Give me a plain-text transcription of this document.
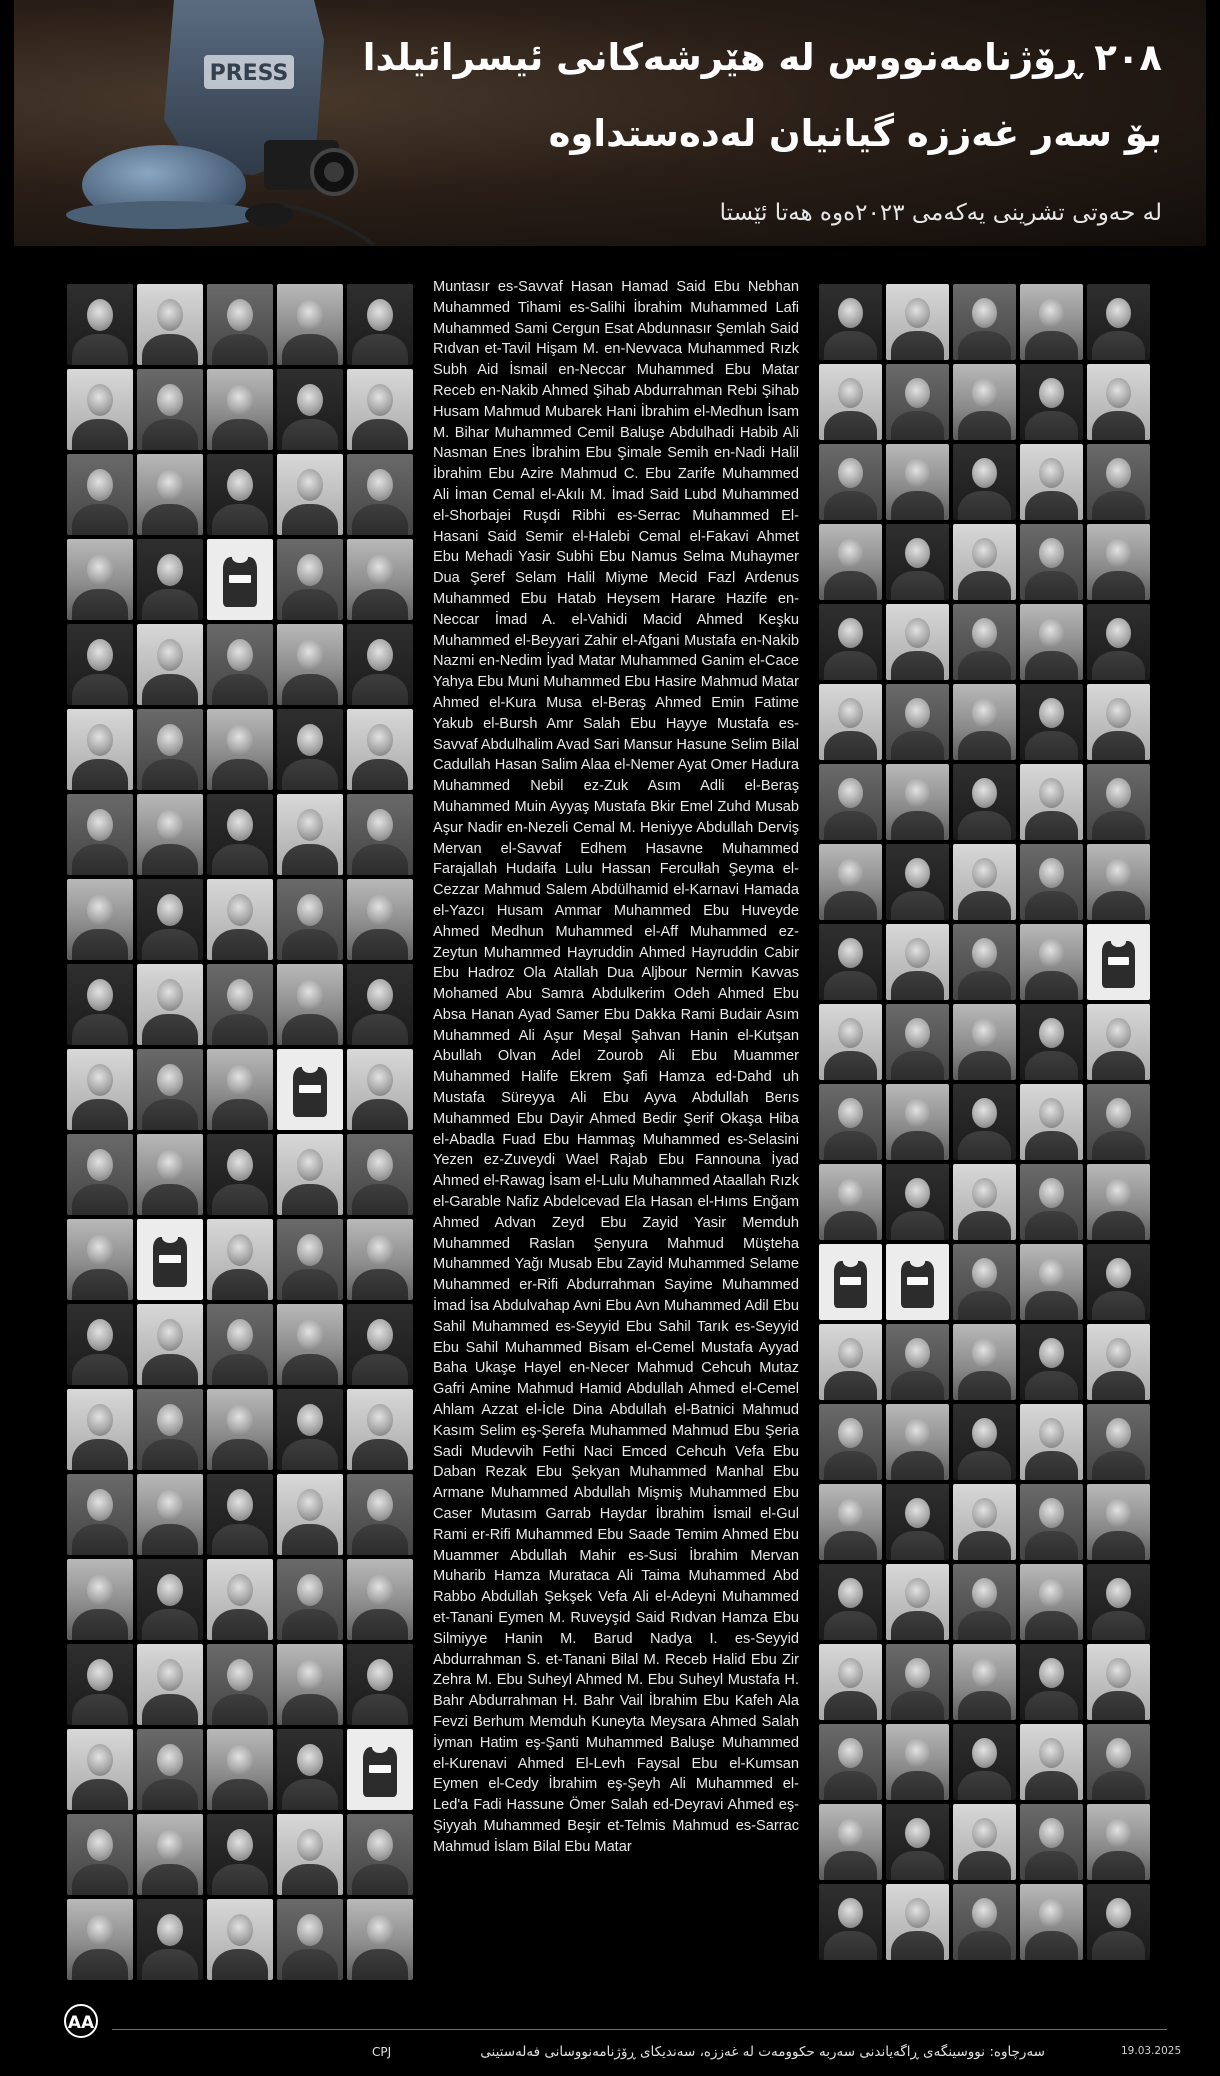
PRESS ٢٠٨ ڕۆژنامەنووس لە هێرشەکانی ئیسرائیلدا
بۆ سەر غەززە گیانیان لەدەستداوە
لە حەوتی تشرینی یەکەمی ٢٠٢٣ەوە هەتا ئێستا
Muntasır es-Savvaf Hasan Hamad Said Ebu Nebhan Muhammed Tihami es-Salihi İbrahim Muhammed Lafi Muhammed Sami Cergun Esat Abdunnasır Şemlah Said Rıdvan et-Tavil Hişam M. en-Nevvaca Muhammed Rızk Subh Aid İsmail en-Neccar Muhammed Ebu Matar Receb en-Nakib Ahmed Şihab Abdurrahman Rebi Şihab Husam Mahmud Mubarek Hani İbrahim el-Medhun İsam M. Bihar Muhammed Cemil Baluşe Abdulhadi Habib Ali Nasman Enes İbrahim Ebu Şimale Semih en-Nadi Halil İbrahim Ebu Azire Mahmud C. Ebu Zarife Muhammed Ali İman Cemal el-Akılı M. İmad Said Lubd Muhammed el-Shorbajei Ruşdi Ribhi es-Serrac Muhammed El-Hasani Said Semir el-Halebi Cemal el-Fakavi Ahmet Ebu Mehadi Yasir Subhi Ebu Namus Selma Muhaymer Dua Şeref Selam Halil Miyme Mecid Fazl Ardenus Muhammed Ebu Hatab Heysem Harare Hazife en-Neccar İmad A. el-Vahidi Macid Ahmed Keşku Muhammed el-Beyyari Zahir el-Afgani Mustafa en-Nakib Nazmi en-Nedim İyad Matar Muhammed Ganim el-Cace Yahya Ebu Muni Muhammed Ebu Hasire Mahmud Matar Ahmed el-Kura Musa el-Beraş Ahmed Emin Fatime Yakub el-Bursh Amr Salah Ebu Hayye Mustafa es-Savvaf Abdulhalim Avad Sari Mansur Hasune Selim Bilal Cadullah Hasan Salim Alaa el-Nemer Ayat Omer Hadura Muhammed Nebil ez-Zuk Asım Adli el-Beraş Muhammed Muin Ayyaş Mustafa Bkir Emel Zuhd Musab Aşur Nadir en-Nezeli Cemal M. Heniyye Abdullah Derviş Mervan el-Savvaf Edhem Hasavne Muhammed Farajallah Hudaifa Lulu Hassan Ferculłah Şeyma el-Cezzar Mahmud Salem Abdülhamid el-Karnavi Hamada el-Yazcı Husam Ammar Muhammed Ebu Huveyde Ahmed Medhun Muhammed el-Aff Muhammed ez-Zeytun Muhammed Hayruddin Ahmed Hayruddin Cabir Ebu Hadroz Ola Atallah Dua Aljbour Nermin Kavvas Mohamed Abu Samra Abdulkerim Odeh Ahmed Ebu Absa Hanan Ayad Samer Ebu Dakka Rami Budair Asım Muhammed Ali Aşur Meşal Şahvan Hanin el-Kutşan Abullah Olvan Adel Zourob Ali Ebu Muammer Muhammed Halife Ekrem Şafi Hamza ed-Dahd uh Mustafa Süreyya Ali Ebu Ayva Abdullah Berıs Muhammed Ebu Dayir Ahmed Bedir Şerif Okaşa Hiba el-Abadla Fuad Ebu Hammaş Muhammed es-Selasini Yezen ez-Zuveydi Wael Rajab Ebu Fannouna İyad Ahmed el-Rawag İsam el-Lulu Muhammed Ataallah Rızk el-Garable Nafiz Abdelcevad Ela Hasan el-Hıms Enğam Ahmed Advan Zeyd Ebu Zayid Yasir Memduh Muhammed Raslan Şenyura Mahmud Müşteha Muhammed Yağı Musab Ebu Zayid Muhammed Selame Muhammed er-Rifi Abdurrahman Sayime Muhammed İmad İsa Abdulvahap Avni Ebu Avn Muhammed Adil Ebu Sahil Muhammed es-Seyyid Ebu Sahil Tarık es-Seyyid Ebu Sahil Muhammed Bisam el-Cemel Mustafa Ayyad Baha Ukaşe Hayel en-Necer Mahmud Cehcuh Mutaz Gafri Amine Mahmud Hamid Abdullah Ahmed el-Cemel Ahlam Azzat el-İcle Dina Abdullah el-Batnici Mahmud Kasım Selim eş-Şerefa Muhammed Mahmud Ebu Şeria Sadi Mudevvih Fethi Naci Emced Cehcuh Vefa Ebu Daban Rezak Ebu Şekyan Muhammed Manhal Ebu Armane Muhammed Abdullah Mişmiş Muhammed Ebu Caser Mutasım Garrab Haydar İbrahim İsmail el-Gul Rami er-Rifi Muhammed Ebu Saade Temim Ahmed Ebu Muammer Abdullah Mahir es-Susi İbrahim Mervan Muharib Hamza Murataca Ali Taima Muhammed Abd Rabbo Abdullah Şekşek Vefa Ali el-Adeyni Muhammed et-Tanani Eymen M. Ruveyşid Said Rıdvan Hamza Ebu Silmiyye Hanin M. Barud Nadya I. es-Seyyid Abdurrahman S. et-Tanani Bilal M. Receb Halid Ebu Zir Zehra M. Ebu Suheyl Ahmed M. Ebu Suheyl Mustafa H. Bahr Abdurrahman H. Bahr Vail İbrahim Ebu Kafeh Ala Fevzi Berhum Memduh Kuneyta Meysara Ahmed Salah İyman Hatim eş-Şanti Muhammed Baluşe Muhammed el-Kurenavi Ahmed El-Levh Faysal Ebu el-Kumsan Eymen el-Cedy İbrahim eş-Şeyh Ali Muhammed el-Led'a Fadi Hassune Ömer Salah ed-Deyravi Ahmed eş-Şiyyah Muhammed Beşir et-Telmis Mahmud es-Sarrac Mahmud İslam Bilal Ebu Matar
AA
سەرچاوە: نووسینگەی ڕاگەیاندنی سەربە حکوومەت لە غەززە، سەندیکای ڕۆژنامەنووسانی فەلەستینی
CPJ	19.03.2025
